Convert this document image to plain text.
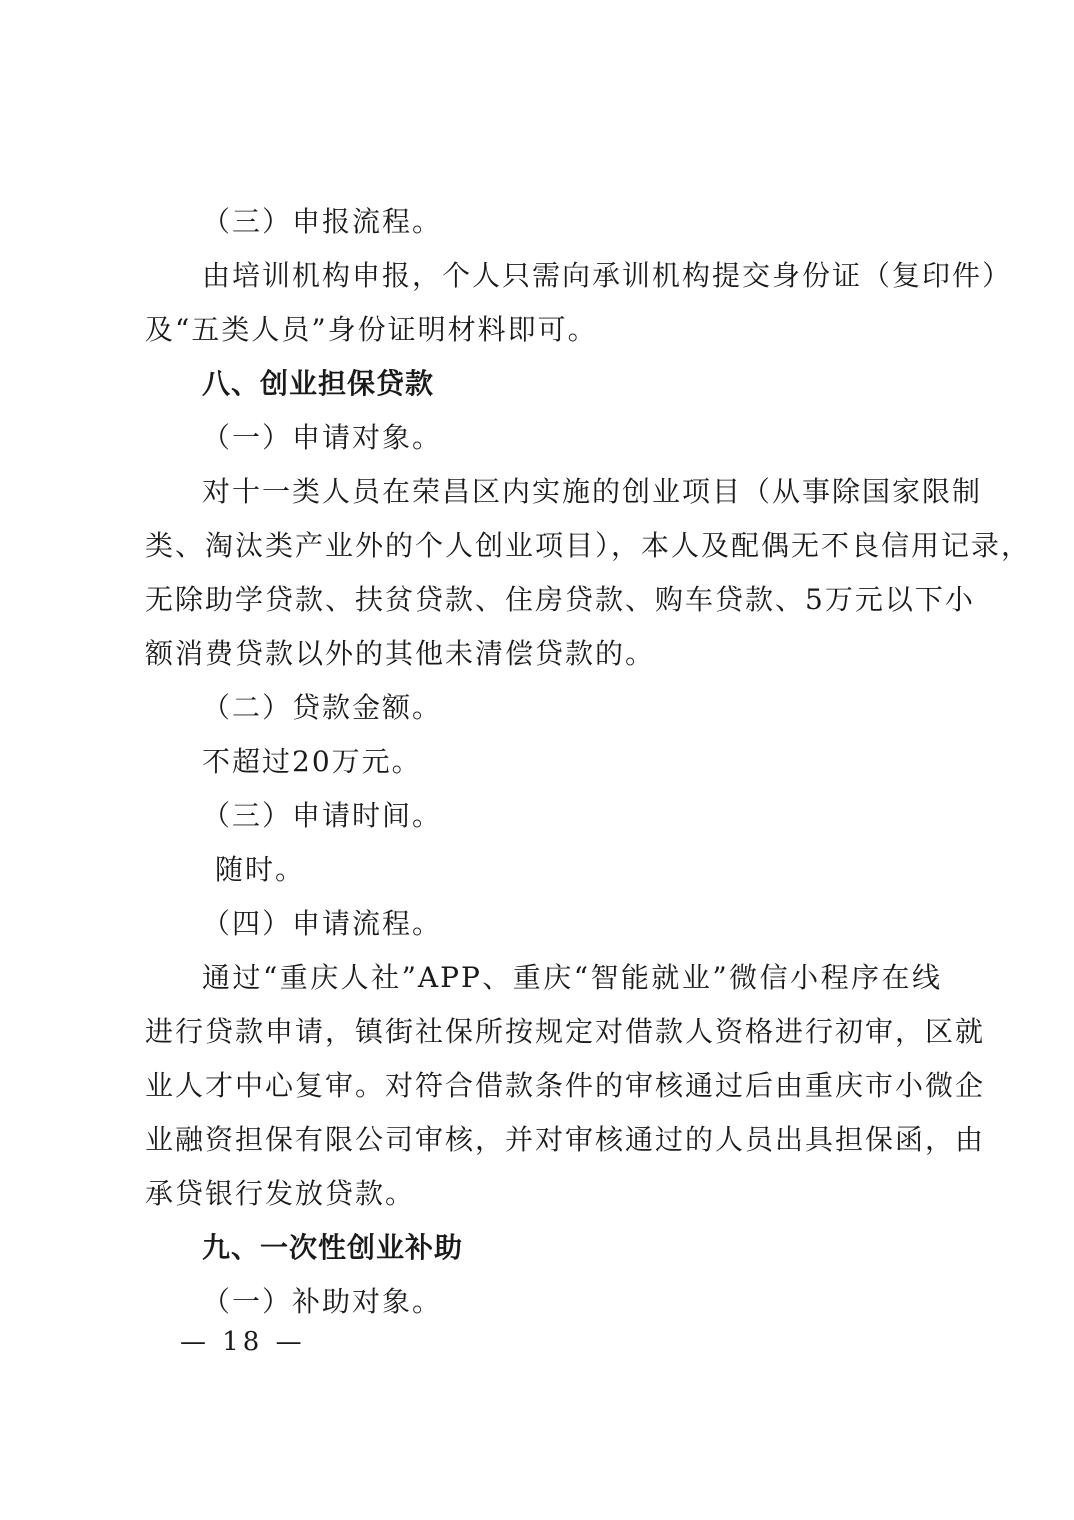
（三）申报流程。
由培训机构申报，个人只需向承训机构提交身份证（复印件）
及“五类人员”身份证明材料即可。
八、创业担保贷款
（一）申请对象。
对十一类人员在荣昌区内实施的创业项目（从事除国家限制
类、淘汰类产业外的个人创业项目），本人及配偶无不良信用记录，
无除助学贷款、扶贫贷款、住房贷款、购车贷款、5万元以下小
额消费贷款以外的其他未清偿贷款的。
（二）贷款金额。
不超过20万元。
（三）申请时间。
随时。
（四）申请流程。
通过“重庆人社”APP、重庆“智能就业”微信小程序在线
进行贷款申请，镇街社保所按规定对借款人资格进行初审，区就
业人才中心复审。对符合借款条件的审核通过后由重庆市小微企
业融资担保有限公司审核，并对审核通过的人员出具担保函，由
承贷银行发放贷款。
九、一次性创业补助
（一）补助对象。
— 18 —
